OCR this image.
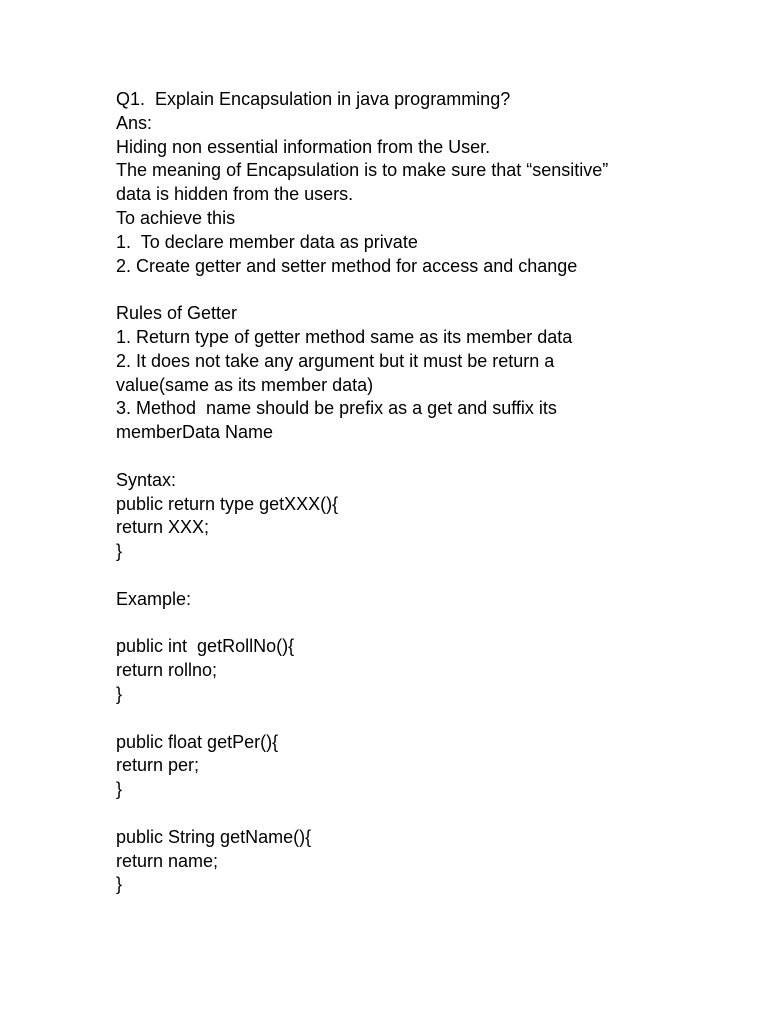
Q1.  Explain Encapsulation in java programming?
Ans:
Hiding non essential information from the User.
The meaning of Encapsulation is to make sure that “sensitive”
data is hidden from the users.
To achieve this
1.  To declare member data as private
2. Create getter and setter method for access and change
Rules of Getter
1. Return type of getter method same as its member data
2. It does not take any argument but it must be return a
value(same as its member data)
3. Method  name should be prefix as a get and suffix its
memberData Name
Syntax:
public return type getXXX(){
return XXX;
}
Example:
public int  getRollNo(){
return rollno;
}
public float getPer(){
return per;
}
public String getName(){
return name;
}
